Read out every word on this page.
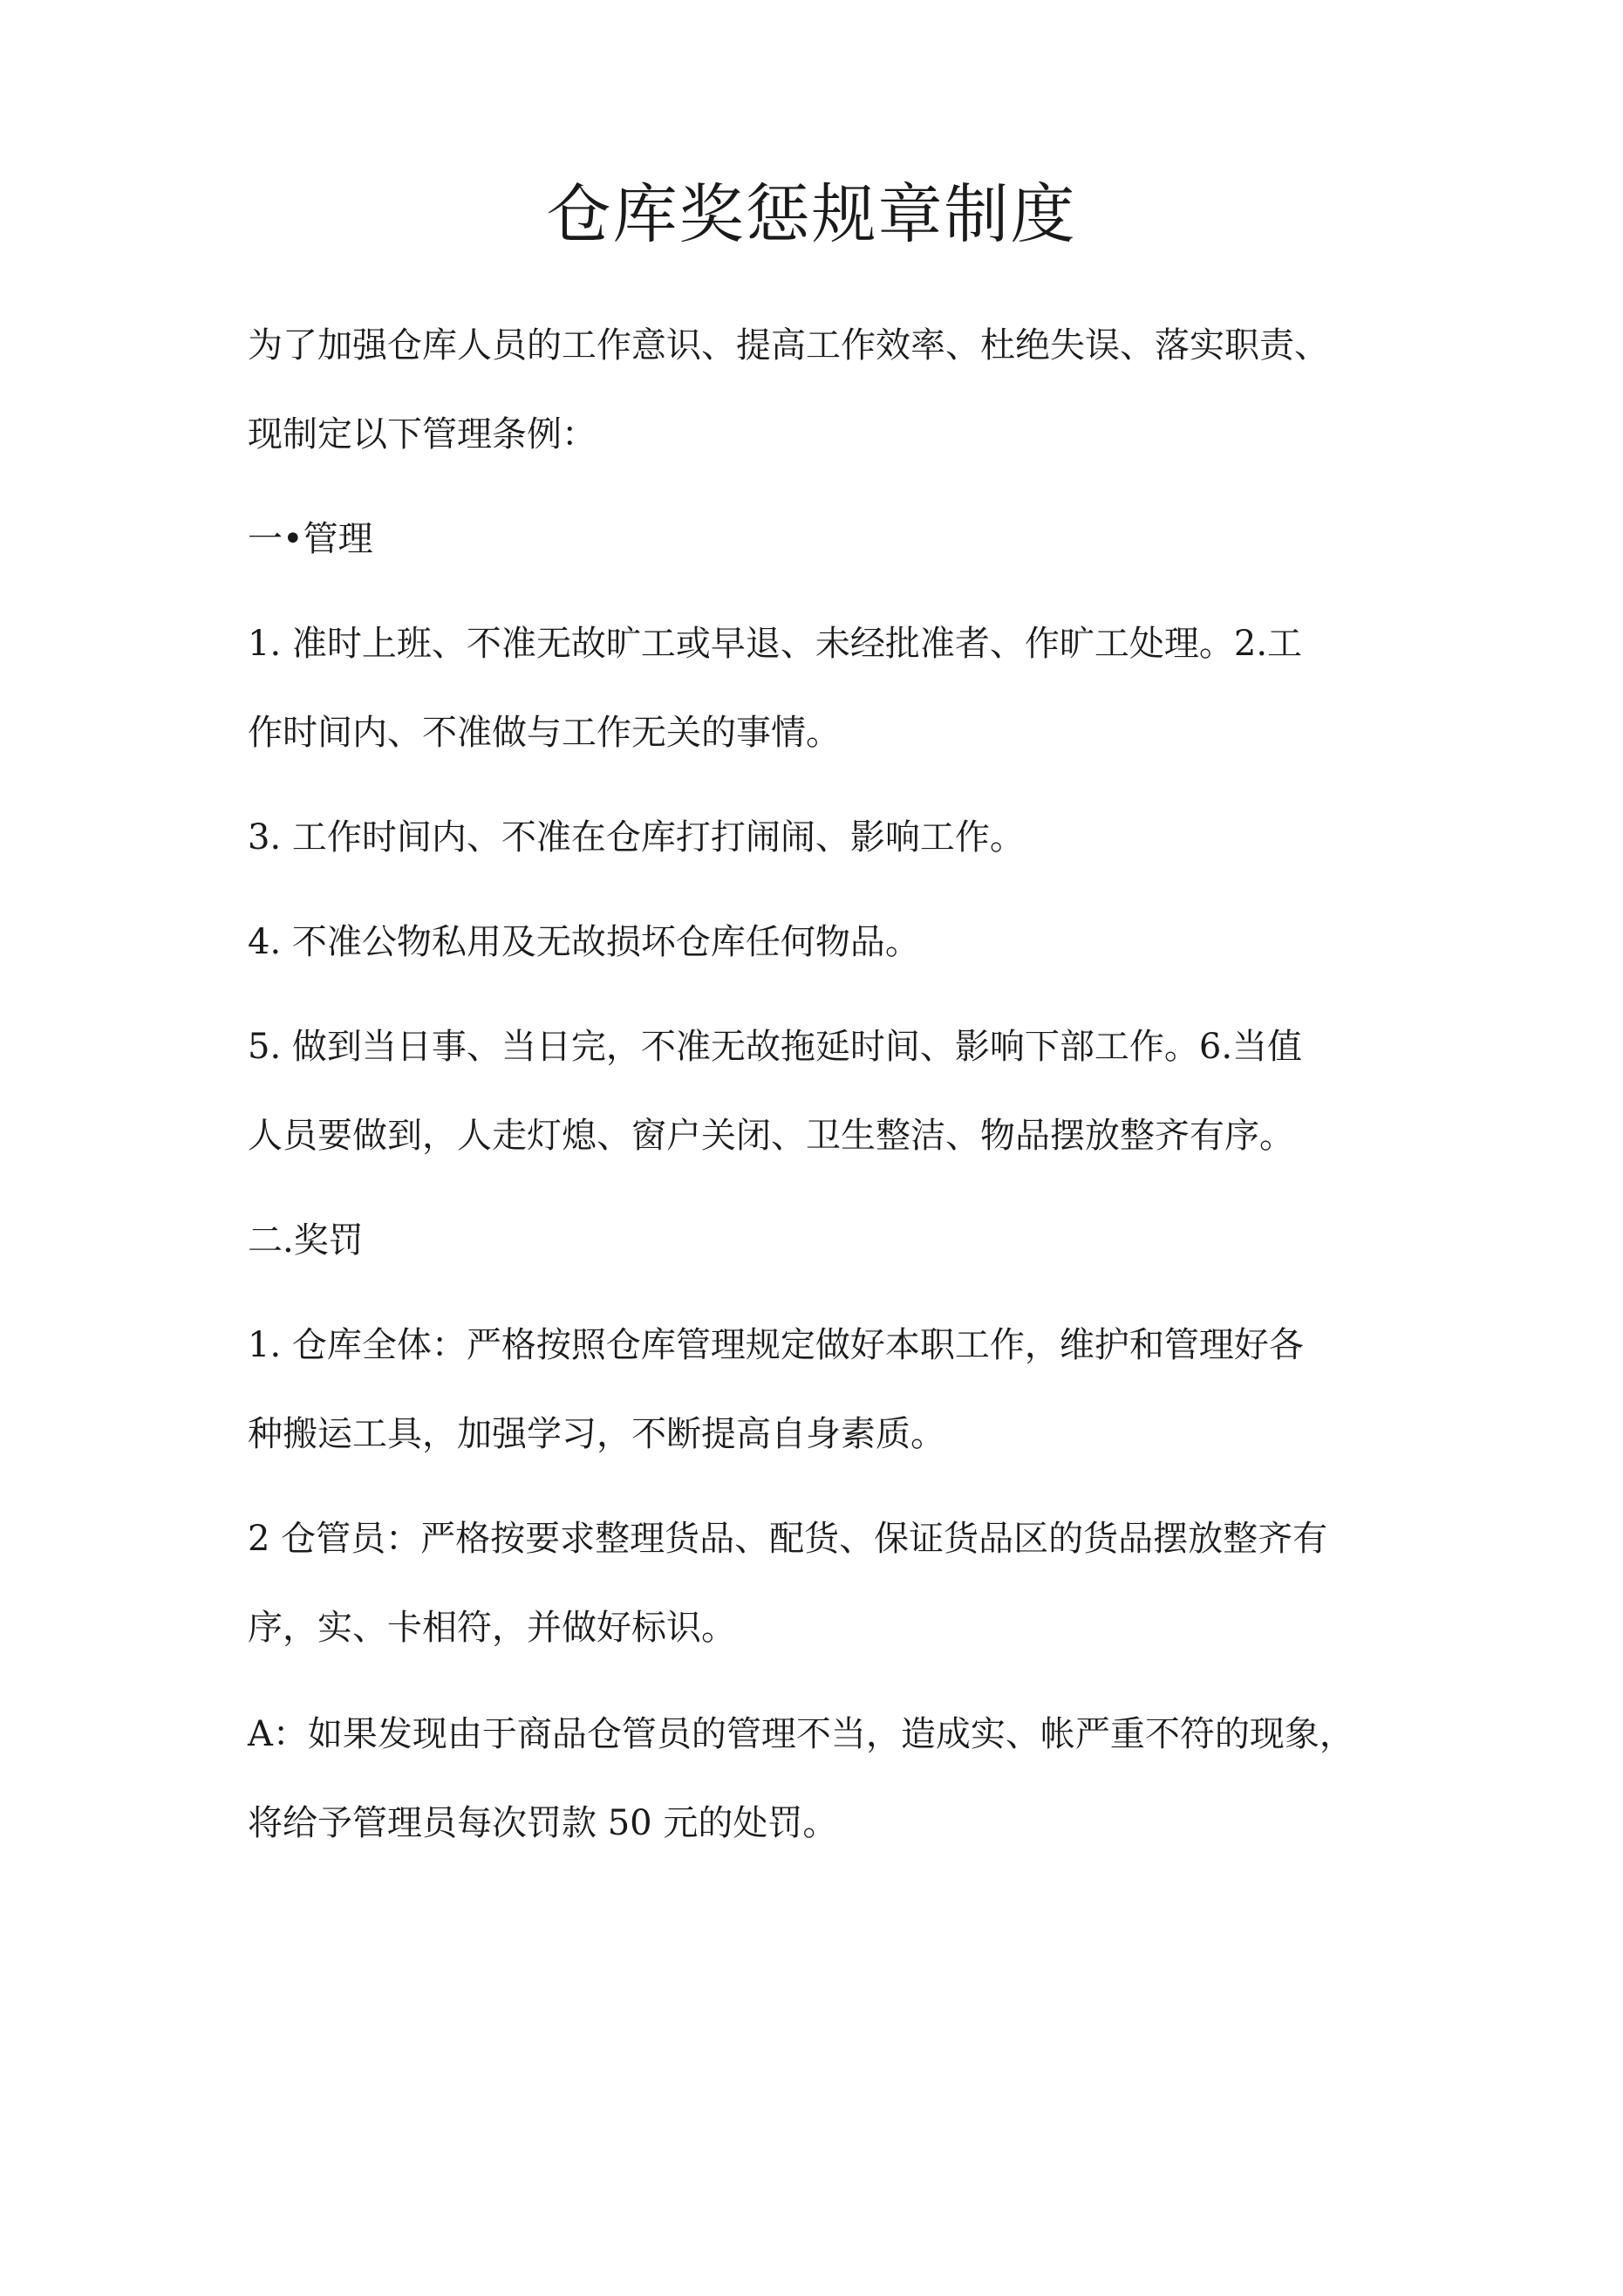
仓库奖惩规章制度

为了加强仓库人员的工作意识、提高工作效率、杜绝失误、落实职责、

现制定以下管理条例：

一•管理

1. 准时上班、不准无故旷工或早退、未经批准者、作旷工处理。2.工

作时间内、不准做与工作无关的事情。

3. 工作时间内、不准在仓库打打闹闹、影响工作。

4. 不准公物私用及无故损坏仓库任何物品。

5. 做到当日事、当日完，不准无故拖延时间、影响下部工作。6.当值

人员要做到，人走灯熄、窗户关闭、卫生整洁、物品摆放整齐有序。

二.奖罚

1. 仓库全体：严格按照仓库管理规定做好本职工作，维护和管理好各

种搬运工具，加强学习，不断提高自身素质。

2 仓管员：严格按要求整理货品、配货、保证货品区的货品摆放整齐有

序，实、卡相符，并做好标识。

A：如果发现由于商品仓管员的管理不当，造成实、帐严重不符的现象，

将给予管理员每次罚款 50 元的处罚。
